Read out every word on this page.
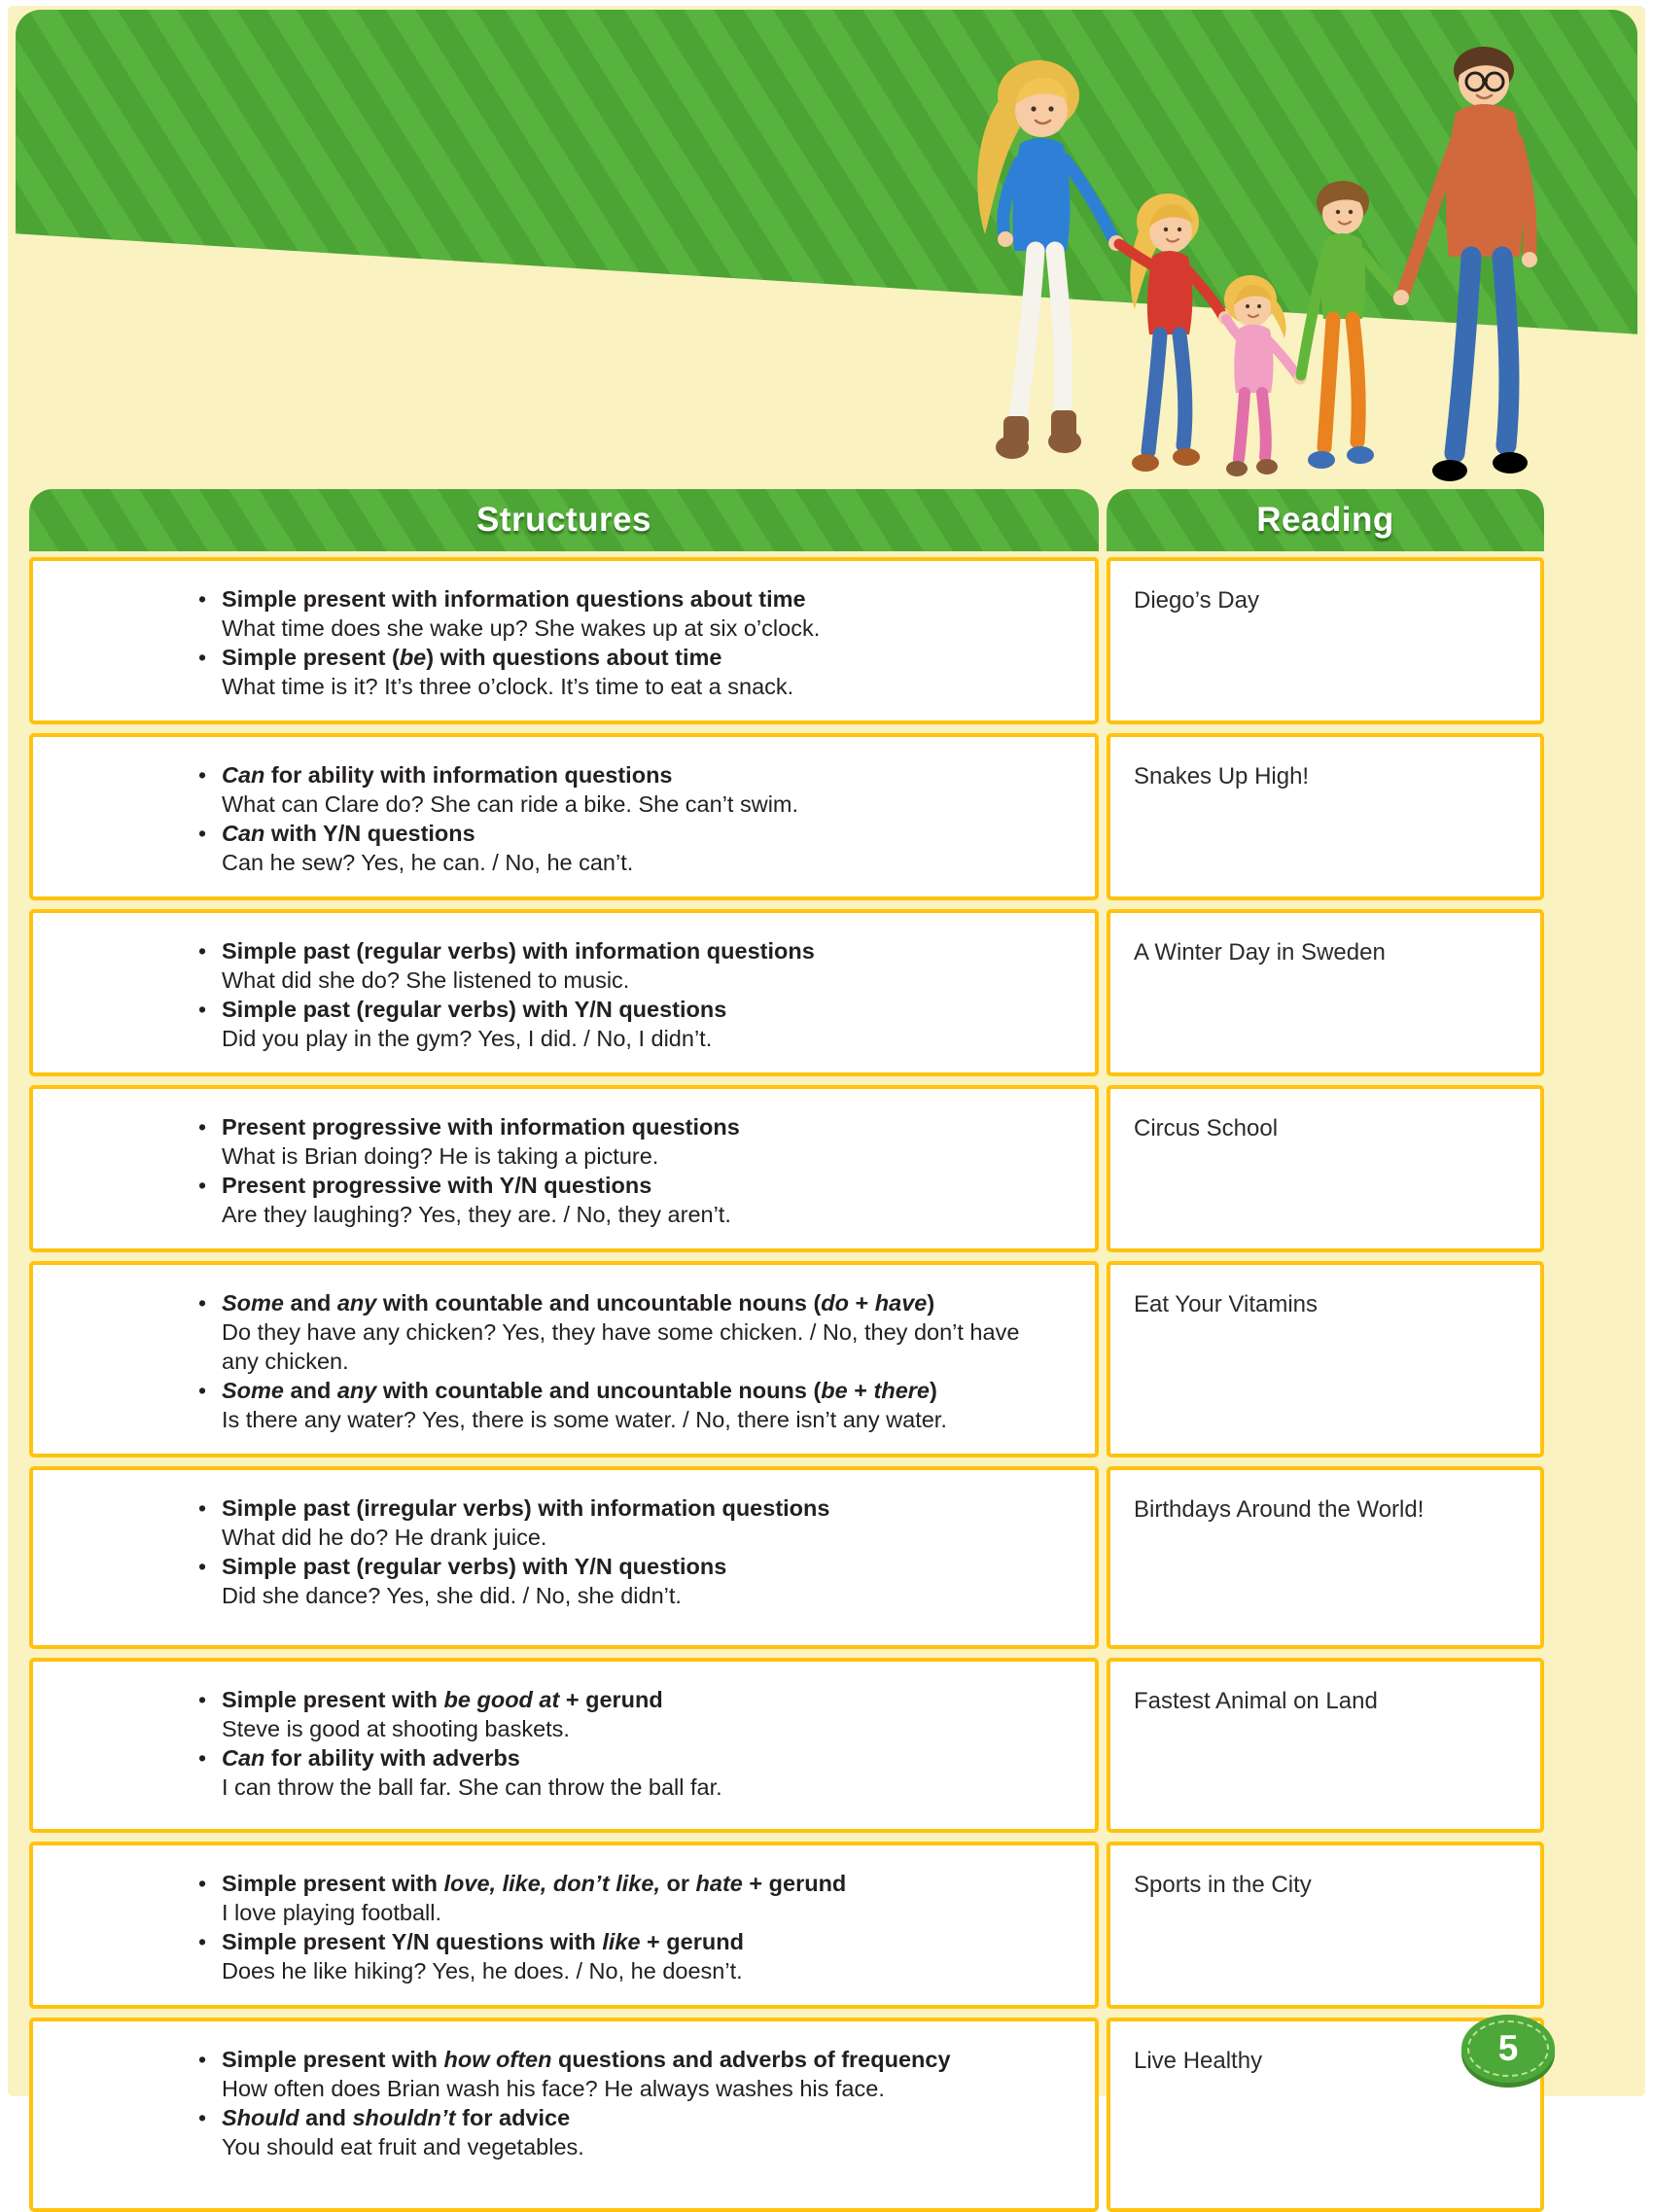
Structures	Reading
• Simple present with information questions about time
What time does she wake up? She wakes up at six o’clock.
• Simple present (be) with questions about time
What time is it? It’s three o’clock. It’s time to eat a snack.
Diego’s Day
• Can for ability with information questions
What can Clare do? She can ride a bike. She can’t swim.
• Can with Y/N questions
Can he sew? Yes, he can. / No, he can’t.
Snakes Up High!
• Simple past (regular verbs) with information questions
What did she do? She listened to music.
• Simple past (regular verbs) with Y/N questions
Did you play in the gym? Yes, I did. / No, I didn’t.
A Winter Day in Sweden
• Present progressive with information questions
What is Brian doing? He is taking a picture.
• Present progressive with Y/N questions
Are they laughing? Yes, they are. / No, they aren’t.
Circus School
• Some and any with countable and uncountable nouns (do + have)
Do they have any chicken? Yes, they have some chicken. / No, they don’t have any chicken.
• Some and any with countable and uncountable nouns (be + there)
Is there any water? Yes, there is some water. / No, there isn’t any water.
Eat Your Vitamins
• Simple past (irregular verbs) with information questions
What did he do? He drank juice.
• Simple past (regular verbs) with Y/N questions
Did she dance? Yes, she did. / No, she didn’t.
Birthdays Around the World!
• Simple present with be good at + gerund
Steve is good at shooting baskets.
• Can for ability with adverbs
I can throw the ball far. She can throw the ball far.
Fastest Animal on Land
• Simple present with love, like, don’t like, or hate + gerund
I love playing football.
• Simple present Y/N questions with like + gerund
Does he like hiking? Yes, he does. / No, he doesn’t.
Sports in the City
• Simple present with how often questions and adverbs of frequency
How often does Brian wash his face? He always washes his face.
• Should and shouldn’t for advice
You should eat fruit and vegetables.
Live Healthy	5
